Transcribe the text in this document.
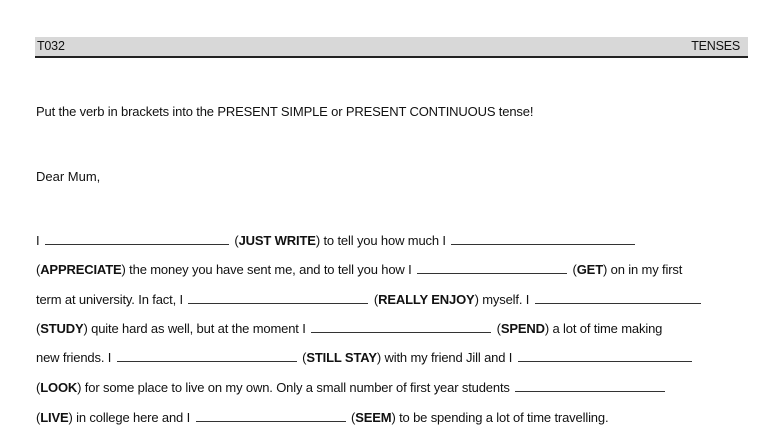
T032	TENSES
Put the verb in brackets into the PRESENT SIMPLE or PRESENT CONTINUOUS tense!
Dear Mum,
I	(JUST WRITE) to tell you how much I
(APPRECIATE) the money you have sent me, and to tell you how I	(GET) on in my first
term at university. In fact, I	(REALLY ENJOY) myself. I
(STUDY) quite hard as well, but at the moment I	(SPEND) a lot of time making
new friends. I	(STILL STAY) with my friend Jill and I
(LOOK) for some place to live on my own. Only a small number of first year students
(LIVE) in college here and I	(SEEM) to be spending a lot of time travelling.
